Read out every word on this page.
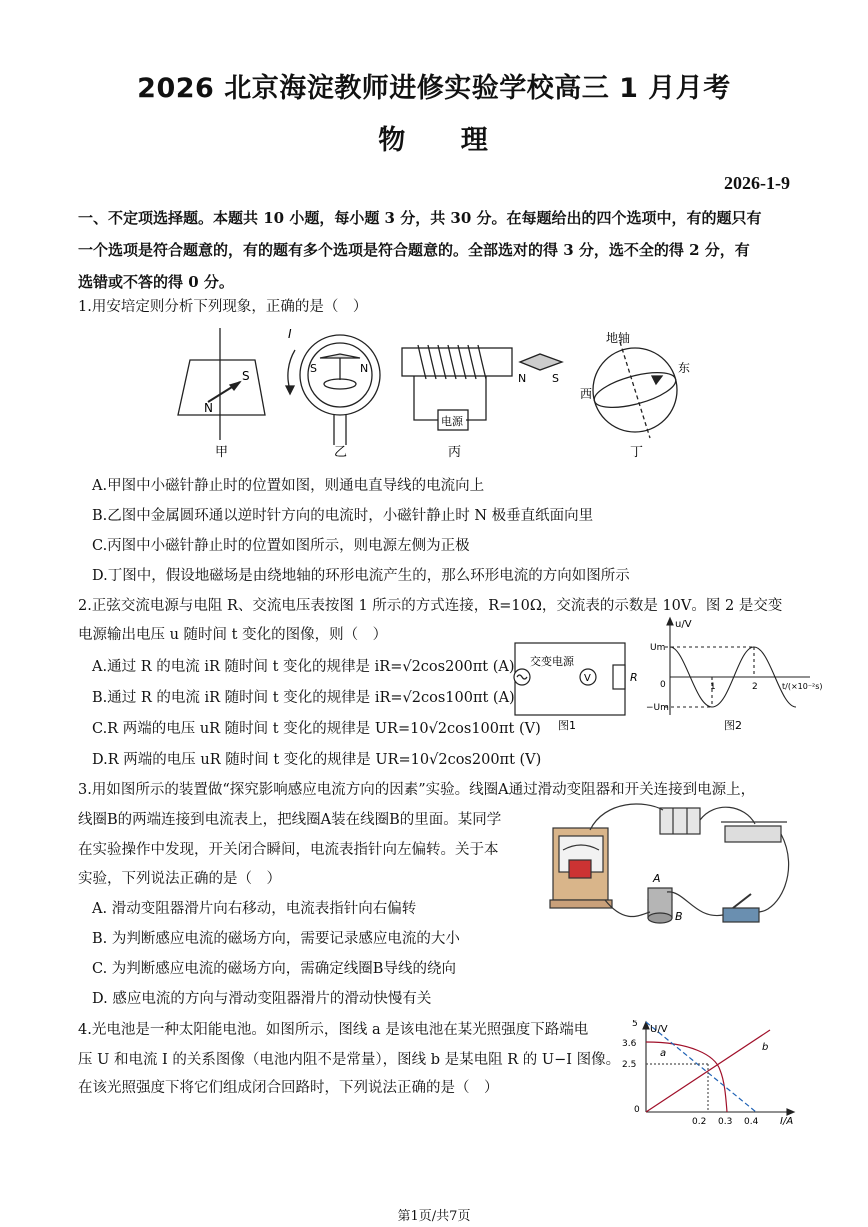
2026 北京海淀教师进修实验学校高三 1 月月考
物 理
2026-1-9
一、不定项选择题。本题共 10 小题，每小题 3 分，共 30 分。在每题给出的四个选项中，有的题只有
一个选项是符合题意的，有的题有多个选项是符合题意的。全部选对的得 3 分，选不全的得 2 分，有
选错或不答的得 0 分。
1.用安培定则分析下列现象，正确的是（　）
S
N
甲
I
S	N
乙
电源
N S
丙
地轴
东
西
丁
A.甲图中小磁针静止时的位置如图，则通电直导线的电流向上
B.乙图中金属圆环通以逆时针方向的电流时，小磁针静止时 N 极垂直纸面向里
C.丙图中小磁针静止时的位置如图所示，则电源左侧为正极
D.丁图中，假设地磁场是由绕地轴的环形电流产生的，那么环形电流的方向如图所示
2.正弦交流电源与电阻 R、交流电压表按图 1 所示的方式连接，R=10Ω，交流表的示数是 10V。图 2 是交变
电源输出电压 u 随时间 t 变化的图像，则（　）
A.通过 R 的电流 iR 随时间 t 变化的规律是 iR=√2cos200πt (A)
B.通过 R 的电流 iR 随时间 t 变化的规律是 iR=√2cos100πt (A)
C.R 两端的电压 uR 随时间 t 变化的规律是 UR=10√2cos100πt (V)
D.R 两端的电压 uR 随时间 t 变化的规律是 UR=10√2cos200πt (V)
交变电源
V	R
图1
u/V
Um
−Um
0	1	2	t/(×10⁻²s)
图2
3.用如图所示的装置做“探究影响感应电流方向的因素”实验。线圈A通过滑动变阻器和开关连接到电源上，
线圈B的两端连接到电流表上，把线圈A装在线圈B的里面。某同学
在实验操作中发现，开关闭合瞬间，电流表指针向左偏转。关于本
实验，下列说法正确的是（　）
A. 滑动变阻器滑片向右移动，电流表指针向右偏转
B. 为判断感应电流的磁场方向，需要记录感应电流的大小
C. 为判断感应电流的磁场方向，需确定线圈B导线的绕向
D. 感应电流的方向与滑动变阻器滑片的滑动快慢有关
A
B
4.光电池是一种太阳能电池。如图所示，图线 a 是该电池在某光照强度下路端电
压 U 和电流 I 的关系图像（电池内阻不是常量），图线 b 是某电阻 R 的 U−I 图像。
在该光照强度下将它们组成闭合回路时，下列说法正确的是（　）
U/V
I/A
5
3.6
2.5
0
0.2 0.3 0.4
a
b
第1页/共7页
